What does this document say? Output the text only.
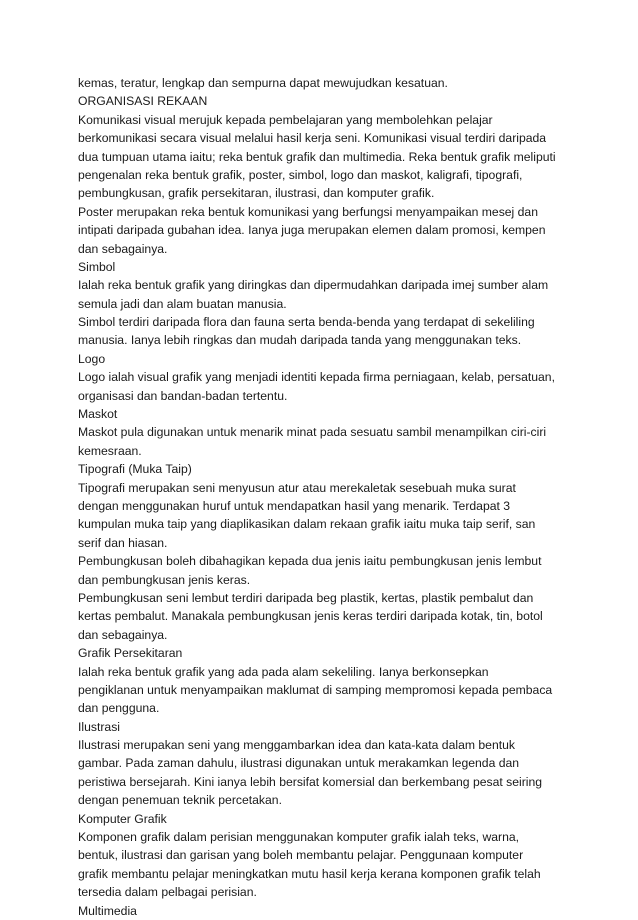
kemas, teratur, lengkap dan sempurna dapat mewujudkan kesatuan.
ORGANISASI REKAAN
Komunikasi visual merujuk kepada pembelajaran yang membolehkan pelajar
berkomunikasi secara visual melalui hasil kerja seni. Komunikasi visual terdiri daripada
dua tumpuan utama iaitu; reka bentuk grafik dan multimedia. Reka bentuk grafik meliputi
pengenalan reka bentuk grafik, poster, simbol, logo dan maskot, kaligrafi, tipografi,
pembungkusan, grafik persekitaran, ilustrasi, dan komputer grafik.
Poster merupakan reka bentuk komunikasi yang berfungsi menyampaikan mesej dan
intipati daripada gubahan idea. Ianya juga merupakan elemen dalam promosi, kempen
dan sebagainya.
Simbol
Ialah reka bentuk grafik yang diringkas dan dipermudahkan daripada imej sumber alam
semula jadi dan alam buatan manusia.
Simbol terdiri daripada flora dan fauna serta benda-benda yang terdapat di sekeliling
manusia. Ianya lebih ringkas dan mudah daripada tanda yang menggunakan teks.
Logo
Logo ialah visual grafik yang menjadi identiti kepada firma perniagaan, kelab, persatuan,
organisasi dan bandan-badan tertentu.
Maskot
Maskot pula digunakan untuk menarik minat pada sesuatu sambil menampilkan ciri-ciri
kemesraan.
Tipografi (Muka Taip)
Tipografi merupakan seni menyusun atur atau merekaletak sesebuah muka surat
dengan menggunakan huruf untuk mendapatkan hasil yang menarik. Terdapat 3
kumpulan muka taip yang diaplikasikan dalam rekaan grafik iaitu muka taip serif, san
serif dan hiasan.
Pembungkusan boleh dibahagikan kepada dua jenis iaitu pembungkusan jenis lembut
dan pembungkusan jenis keras.
Pembungkusan seni lembut terdiri daripada beg plastik, kertas, plastik pembalut dan
kertas pembalut. Manakala pembungkusan jenis keras terdiri daripada kotak, tin, botol
dan sebagainya.
Grafik Persekitaran
Ialah reka bentuk grafik yang ada pada alam sekeliling. Ianya berkonsepkan
pengiklanan untuk menyampaikan maklumat di samping mempromosi kepada pembaca
dan pengguna.
Ilustrasi
Ilustrasi merupakan seni yang menggambarkan idea dan kata-kata dalam bentuk
gambar. Pada zaman dahulu, ilustrasi digunakan untuk merakamkan legenda dan
peristiwa bersejarah. Kini ianya lebih bersifat komersial dan berkembang pesat seiring
dengan penemuan teknik percetakan.
Komputer Grafik
Komponen grafik dalam perisian menggunakan komputer grafik ialah teks, warna,
bentuk, ilustrasi dan garisan yang boleh membantu pelajar. Penggunaan komputer
grafik membantu pelajar meningkatkan mutu hasil kerja kerana komponen grafik telah
tersedia dalam pelbagai perisian.
Multimedia
